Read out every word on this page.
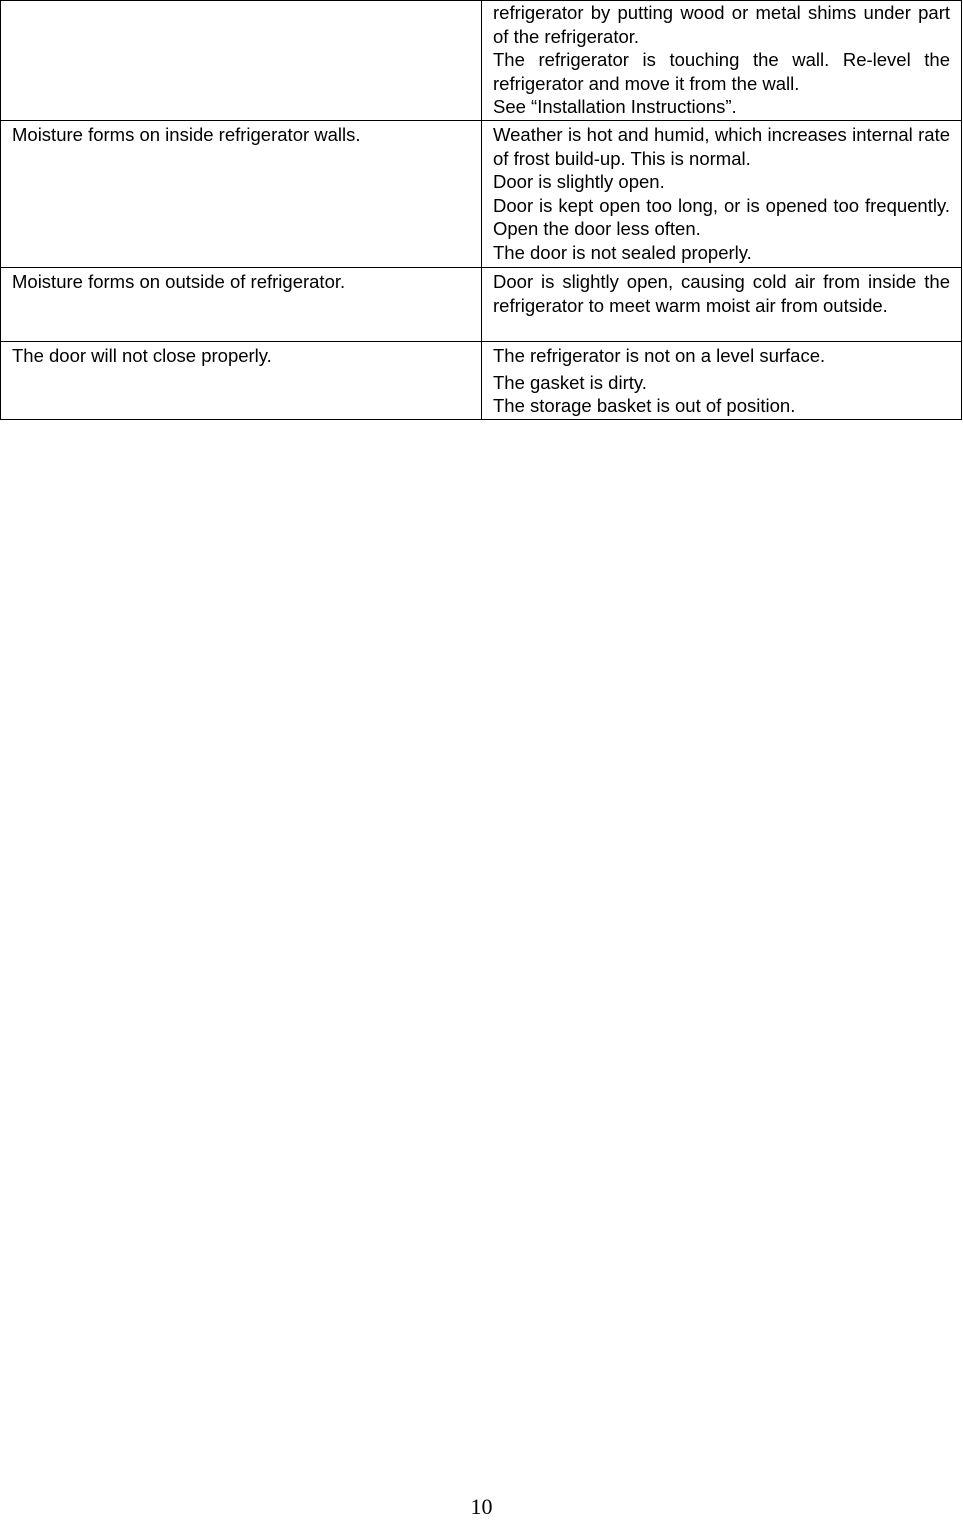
	refrigerator by putting wood or metal shims under part of the refrigerator.
The refrigerator is touching the wall. Re-level the refrigerator and move it from the wall.
See “Installation Instructions”.

Moisture forms on inside refrigerator walls.	Weather is hot and humid, which increases internal rate of frost build-up. This is normal.
Door is slightly open.
Door is kept open too long, or is opened too frequently. Open the door less often.
The door is not sealed properly.

Moisture forms on outside of refrigerator.	Door is slightly open, causing cold air from inside the refrigerator to meet warm moist air from outside.

The door will not close properly.	The refrigerator is not on a level surface.
The gasket is dirty.
The storage basket is out of position.
10
